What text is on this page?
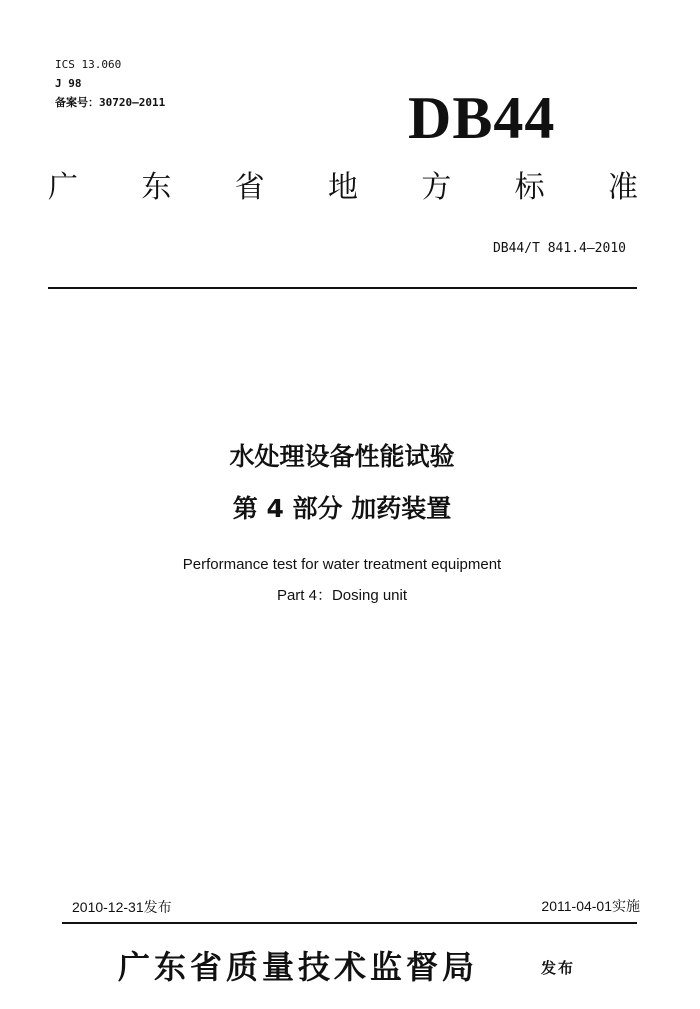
ICS 13.060
J 98
备案号：30720—2011	DB44
广 东 省 地 方 标 准
DB44/T 841.4—2010
水处理设备性能试验
第 4 部分 加药装置
Performance test for water treatment equipment
Part 4：Dosing unit
2010-12-31发布	2011-04-01实施
广东省质量技术监督局	发布
